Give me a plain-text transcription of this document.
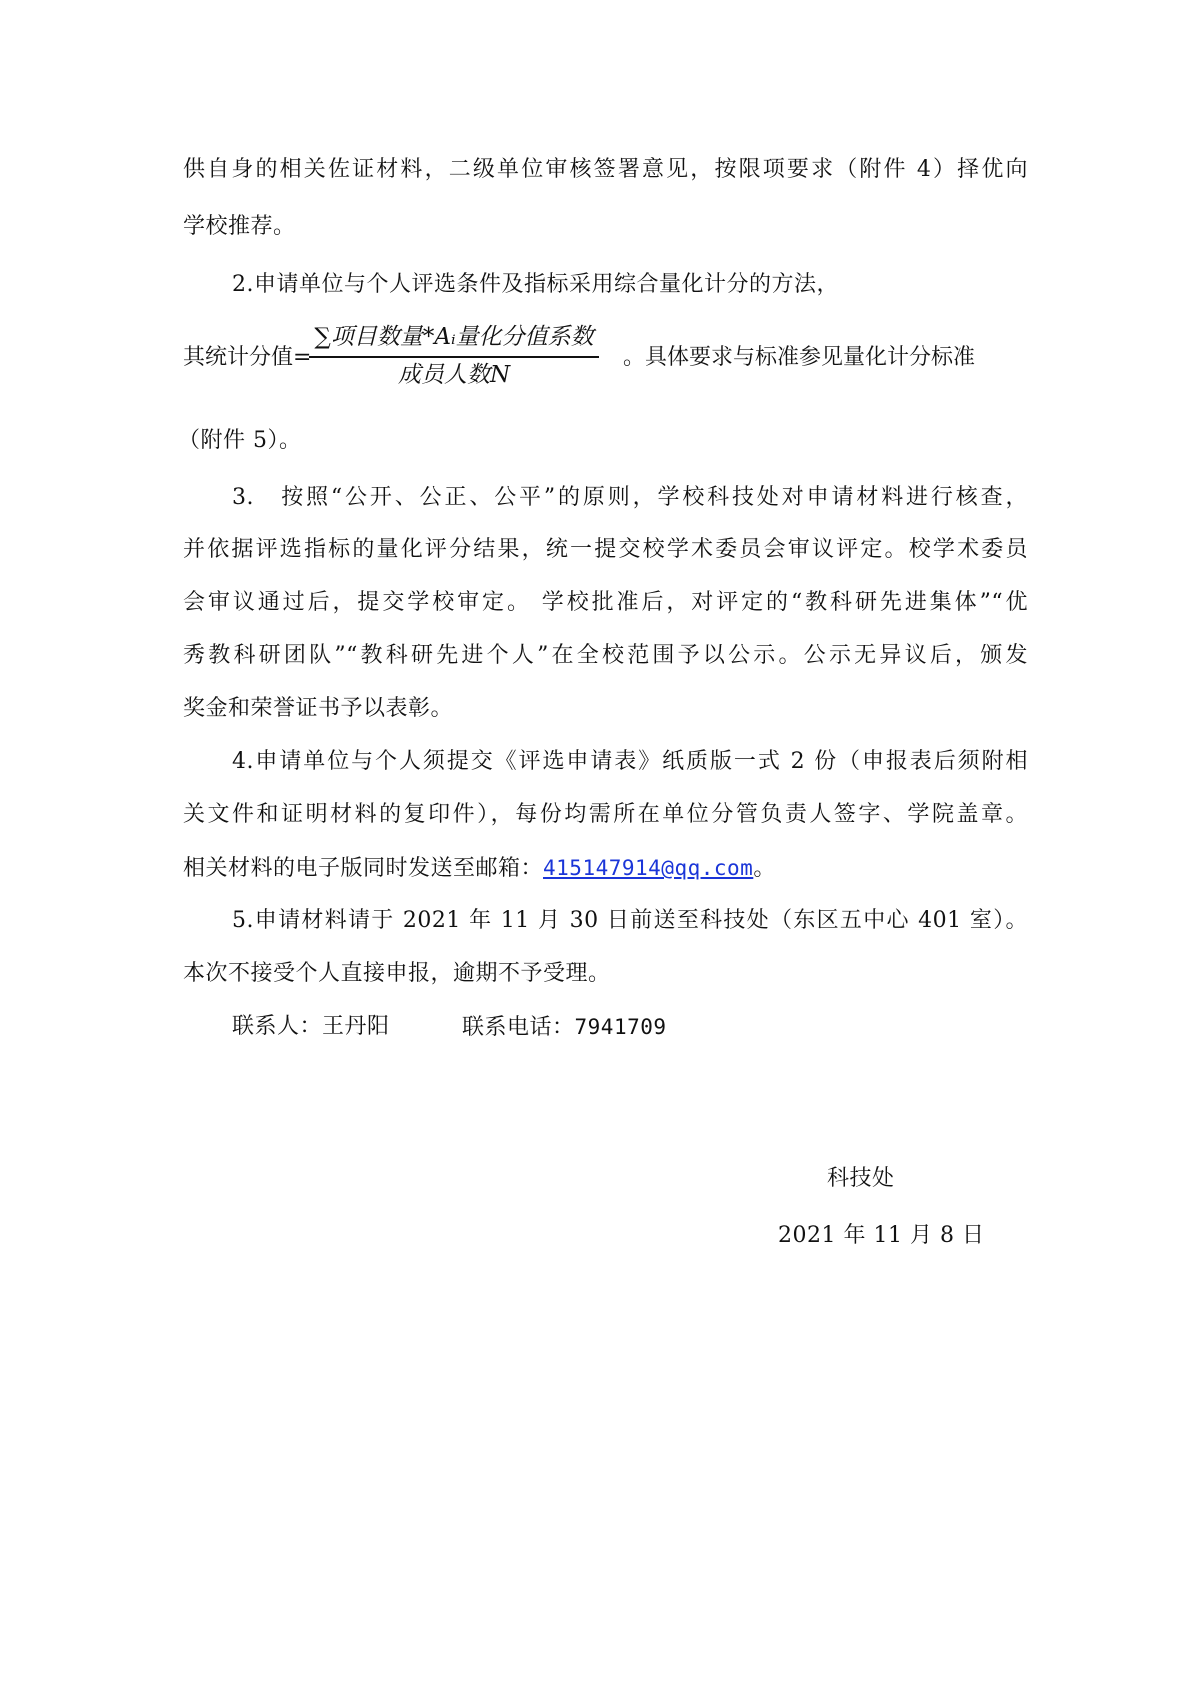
供自身的相关佐证材料，二级单位审核签署意见，按限项要求（附件 4）择优向
学校推荐。
2.申请单位与个人评选条件及指标采用综合量化计分的方法，
其统计分值=
∑项目数量*Aᵢ量化分值系数
成员人数N
。具体要求与标准参见量化计分标准
（附件 5）。
3.　按照“公开、公正、公平”的原则，学校科技处对申请材料进行核查，
并依据评选指标的量化评分结果，统一提交校学术委员会审议评定。校学术委员
会审议通过后，提交学校审定。 学校批准后，对评定的“教科研先进集体”“优
秀教科研团队”“教科研先进个人”在全校范围予以公示。公示无异议后，颁发
奖金和荣誉证书予以表彰。
4.申请单位与个人须提交《评选申请表》纸质版一式 2 份（申报表后须附相
关文件和证明材料的复印件），每份均需所在单位分管负责人签字、学院盖章。
相关材料的电子版同时发送至邮箱：415147914@qq.com。
5.申请材料请于 2021 年 11 月 30 日前送至科技处（东区五中心 401 室）。
本次不接受个人直接申报，逾期不予受理。
联系人：王丹阳	联系电话：7941709
科技处
2021 年 11 月 8 日
